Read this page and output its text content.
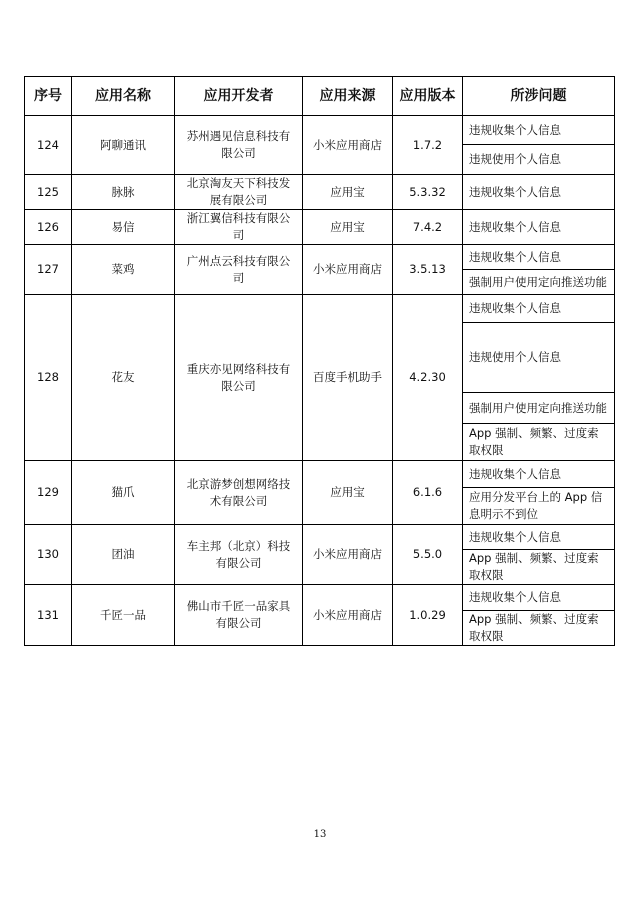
序号	应用名称	应用开发者	应用来源	应用版本	所涉问题
124	阿聊通讯	苏州遇见信息科技有限公司	小米应用商店	1.7.2	违规收集个人信息
					违规使用个人信息
125	脉脉	北京淘友天下科技发展有限公司	应用宝	5.3.32	违规收集个人信息
126	易信	浙江翼信科技有限公司	应用宝	7.4.2	违规收集个人信息
127	菜鸡	广州点云科技有限公司	小米应用商店	3.5.13	违规收集个人信息
					强制用户使用定向推送功能
128	花友	重庆亦见网络科技有限公司	百度手机助手	4.2.30	违规收集个人信息
					违规使用个人信息
					强制用户使用定向推送功能
					App 强制、频繁、过度索取权限
129	猫爪	北京游梦创想网络技术有限公司	应用宝	6.1.6	违规收集个人信息
					应用分发平台上的 App 信息明示不到位
130	团油	车主邦（北京）科技有限公司	小米应用商店	5.5.0	违规收集个人信息
					App 强制、频繁、过度索取权限
131	千匠一品	佛山市千匠一品家具有限公司	小米应用商店	1.0.29	违规收集个人信息
					App 强制、频繁、过度索取权限
13
